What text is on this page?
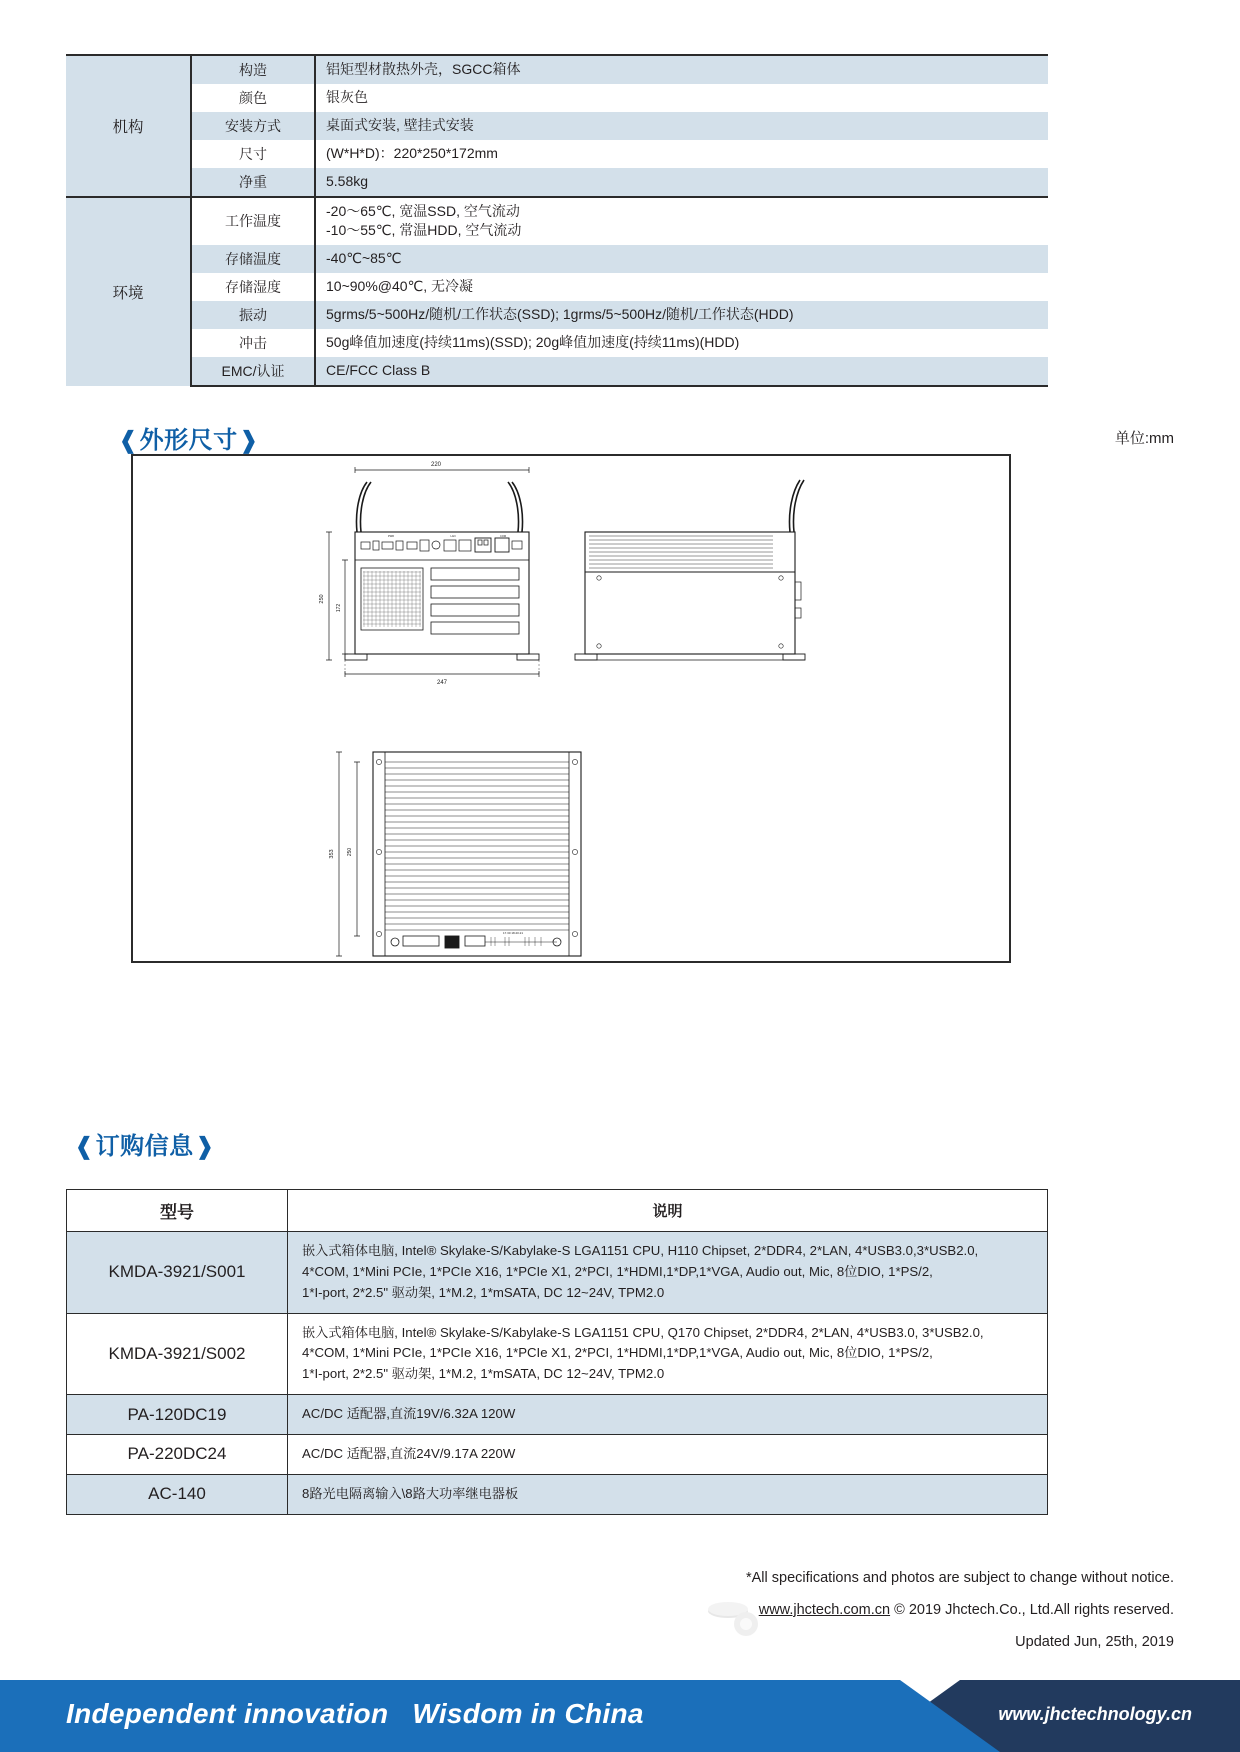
机构	构造	铝矩型材散热外壳，SGCC箱体
	颜色	银灰色
	安装方式	桌面式安装, 壁挂式安装
	尺寸	(W*H*D)：220*250*172mm
	净重	5.58kg
环境	工作温度	-20～65℃, 宽温SSD, 空气流动
-10～55℃, 常温HDD, 空气流动

	存储温度	-40℃~85℃
	存储湿度	10~90%@40℃, 无冷凝
	振动	5grms/5~500Hz/随机/工作状态(SSD); 1grms/5~500Hz/随机/工作状态(HDD)
	冲击	50g峰值加速度(持续11ms)(SSD); 20g峰值加速度(持续11ms)(HDD)
	EMC/认证	CE/FCC Class B
❰外形尺寸❱	单位:mm
220
PWR	LAN	COM
250
172
247
17.30 18.20.21
353 250
❰订购信息❱
型号	说明
KMDA-3921/S001	嵌入式箱体电脑, Intel® Skylake-S/Kabylake-S LGA1151 CPU, H110 Chipset, 2*DDR4, 2*LAN, 4*USB3.0,3*USB2.0,
4*COM, 1*Mini PCIe, 1*PCIe X16, 1*PCIe X1, 2*PCI, 1*HDMI,1*DP,1*VGA, Audio out, Mic, 8位DIO, 1*PS/2,
1*I-port, 2*2.5" 驱动架, 1*M.2, 1*mSATA, DC 12~24V, TPM2.0

KMDA-3921/S002	嵌入式箱体电脑, Intel® Skylake-S/Kabylake-S LGA1151 CPU, Q170 Chipset, 2*DDR4, 2*LAN, 4*USB3.0, 3*USB2.0,
4*COM, 1*Mini PCIe, 1*PCIe X16, 1*PCIe X1, 2*PCI, 1*HDMI,1*DP,1*VGA, Audio out, Mic, 8位DIO, 1*PS/2,
1*I-port, 2*2.5" 驱动架, 1*M.2, 1*mSATA, DC 12~24V, TPM2.0

PA-120DC19	AC/DC 适配器,直流19V/6.32A 120W

PA-220DC24	AC/DC 适配器,直流24V/9.17A 220W

AC-140	8路光电隔离输入\8路大功率继电器板
*All specifications and photos are subject to change without notice.
www.jhctech.com.cn © 2019 Jhctech.Co., Ltd.All rights reserved.
Updated Jun, 25th, 2019
Independent innovation Wisdom in China	www.jhctechnology.cn
